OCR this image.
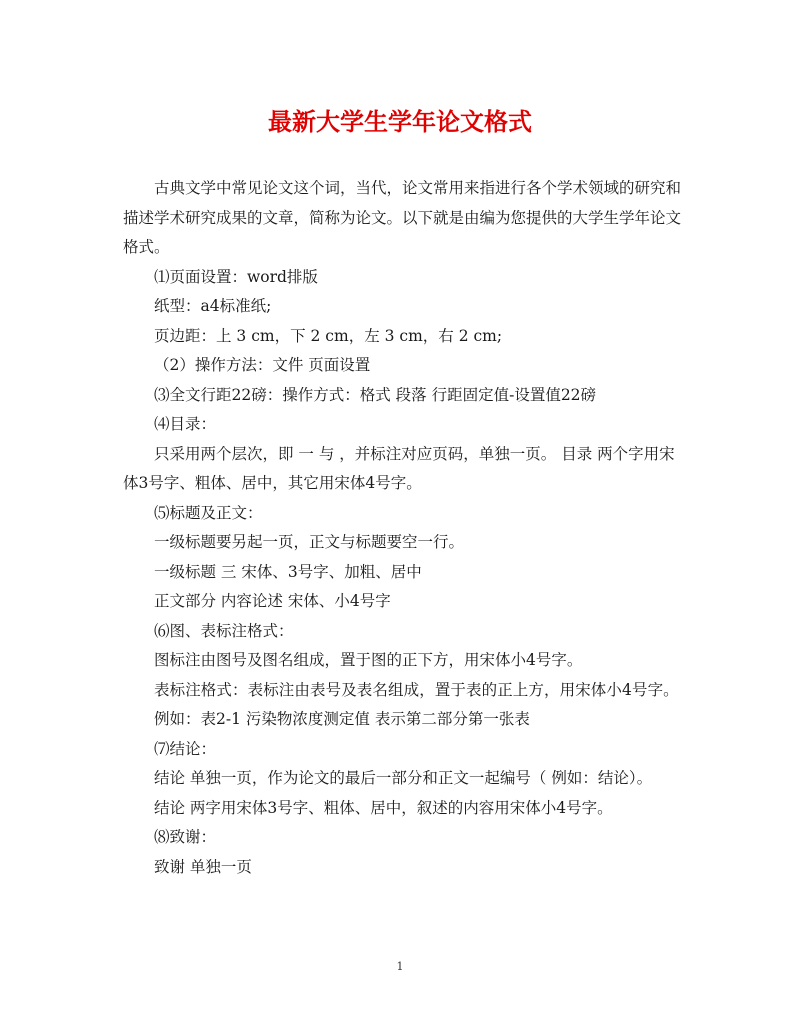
最新大学生学年论文格式

古典文学中常见论文这个词，当代，论文常用来指进行各个学术领域的研究和描述学术研究成果的文章，简称为论文。以下就是由编为您提供的大学生学年论文格式。

⑴页面设置：word排版

纸型：a4标准纸;

页边距：上 3 cm，下 2 cm，左 3 cm，右 2 cm;

（2）操作方法：文件 页面设置

⑶全文行距22磅：操作方式：格式 段落 行距固定值-设置值22磅

⑷目录：

只采用两个层次，即 一 与 ，并标注对应页码，单独一页。 目录 两个字用宋体3号字、粗体、居中，其它用宋体4号字。

⑸标题及正文：

一级标题要另起一页，正文与标题要空一行。

一级标题 三 宋体、3号字、加粗、居中

正文部分 内容论述 宋体、小4号字

⑹图、表标注格式：

图标注由图号及图名组成，置于图的正下方，用宋体小4号字。

表标注格式：表标注由表号及表名组成，置于表的正上方，用宋体小4号字。

例如：表2-1 污染物浓度测定值 表示第二部分第一张表

⑺结论：

结论 单独一页，作为论文的最后一部分和正文一起编号（ 例如：结论）。

结论 两字用宋体3号字、粗体、居中，叙述的内容用宋体小4号字。

⑻致谢：

致谢 单独一页

1
